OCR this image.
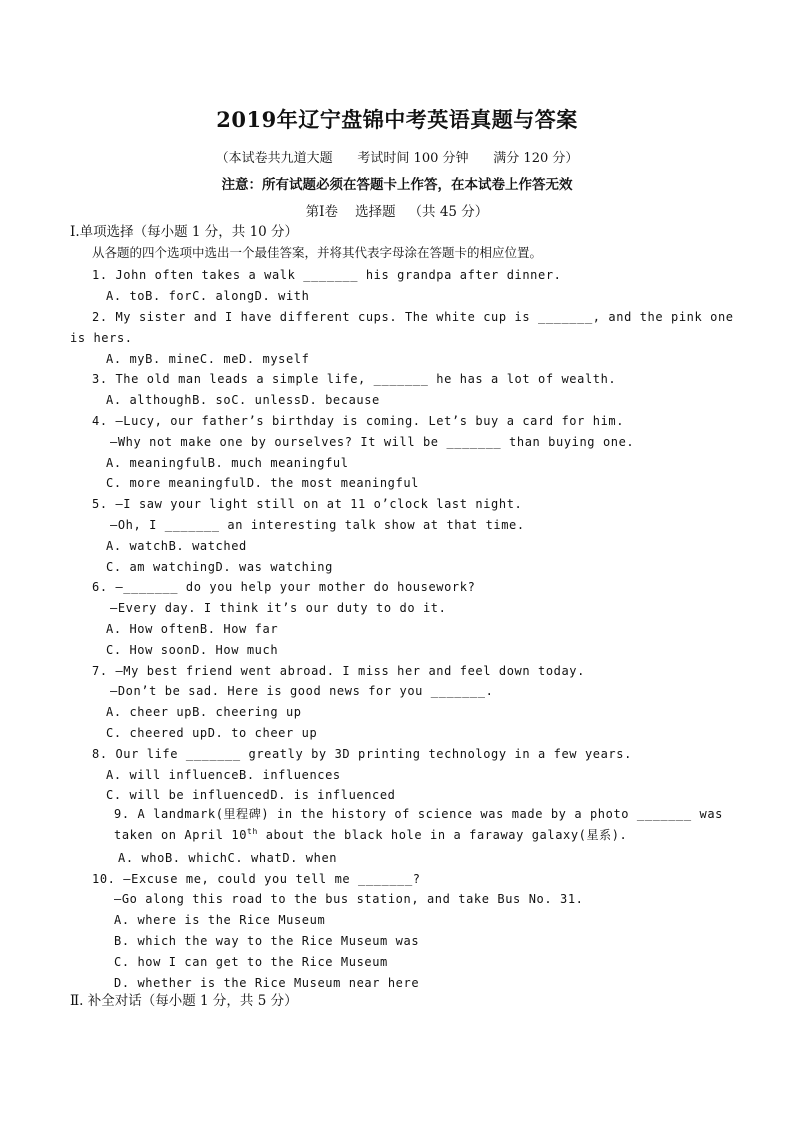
2019年辽宁盘锦中考英语真题与答案
（本试卷共九道大题      考试时间 100 分钟      满分 120 分）
注意：所有试题必须在答题卡上作答，在本试卷上作答无效
第Ⅰ卷    选择题   （共 45 分）
Ⅰ.单项选择（每小题 1 分，共 10 分）
从各题的四个选项中选出一个最佳答案，并将其代表字母涂在答题卡的相应位置。
1. John often takes a walk _______ his grandpa after dinner.
A. toB. forC. alongD. with
2. My sister and I have different cups. The white cup is _______, and the pink one
is hers.
A. myB. mineC. meD. myself
3. The old man leads a simple life, _______ he has a lot of wealth.
A. althoughB. soC. unlessD. because
4. —Lucy, our father’s birthday is coming. Let’s buy a card for him.
—Why not make one by ourselves? It will be _______ than buying one.
A. meaningfulB. much meaningful
C. more meaningfulD. the most meaningful
5. —I saw your light still on at 11 o’clock last night.
—Oh, I _______ an interesting talk show at that time.
A. watchB. watched
C. am watchingD. was watching
6. —_______ do you help your mother do housework?
—Every day. I think it’s our duty to do it.
A. How oftenB. How far
C. How soonD. How much
7. —My best friend went abroad. I miss her and feel down today.
—Don’t be sad. Here is good news for you _______.
A. cheer upB. cheering up
C. cheered upD. to cheer up
8. Our life _______ greatly by 3D printing technology in a few years.
A. will influenceB. influences
C. will be influencedD. is influenced
9. A landmark(里程碑) in the history of science was made by a photo _______ was
taken on April 10th about the black hole in a faraway galaxy(星系).
A. whoB. whichC. whatD. when
10. —Excuse me, could you tell me _______?
—Go along this road to the bus station, and take Bus No. 31.
A. where is the Rice Museum
B. which the way to the Rice Museum was
C. how I can get to the Rice Museum
D. whether is the Rice Museum near here
Ⅱ. 补全对话（每小题 1 分，共 5 分）
